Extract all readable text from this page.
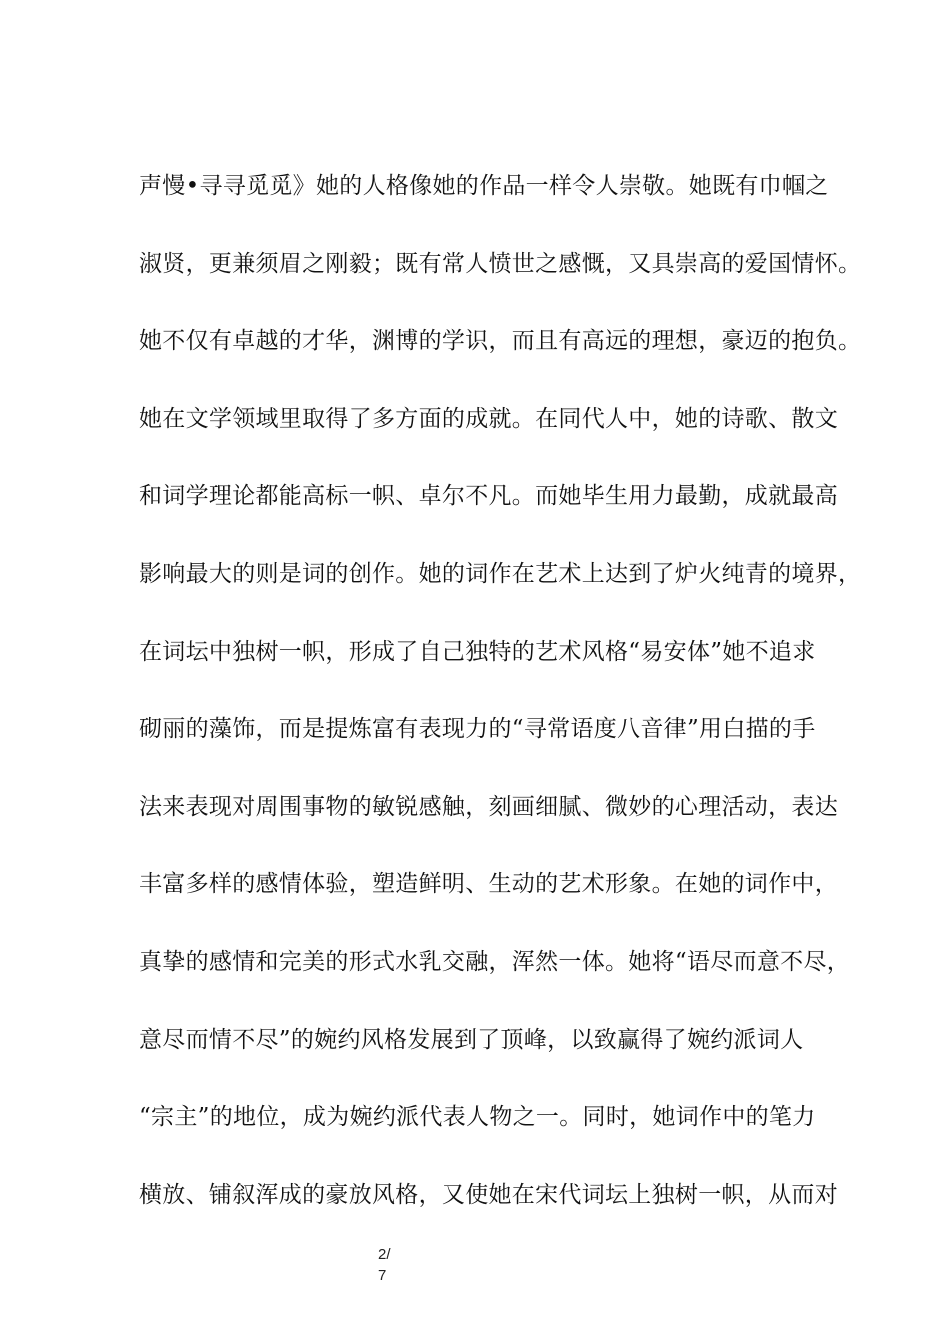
声慢•寻寻觅觅》她的人格像她的作品一样令人崇敬。她既有巾帼之
淑贤，更兼须眉之刚毅；既有常人愤世之感慨，又具崇高的爱国情怀。
她不仅有卓越的才华，渊博的学识，而且有高远的理想，豪迈的抱负。
她在文学领域里取得了多方面的成就。在同代人中，她的诗歌、散文
和词学理论都能高标一帜、卓尔不凡。而她毕生用力最勤，成就最高
影响最大的则是词的创作。她的词作在艺术上达到了炉火纯青的境界，
在词坛中独树一帜，形成了自己独特的艺术风格“易安体”她不追求
砌丽的藻饰，而是提炼富有表现力的“寻常语度八音律”用白描的手
法来表现对周围事物的敏锐感触，刻画细腻、微妙的心理活动，表达
丰富多样的感情体验，塑造鲜明、生动的艺术形象。在她的词作中，
真挚的感情和完美的形式水乳交融，浑然一体。她将“语尽而意不尽，
意尽而情不尽”的婉约风格发展到了顶峰，以致赢得了婉约派词人
“宗主”的地位，成为婉约派代表人物之一。同时，她词作中的笔力
横放、铺叙浑成的豪放风格，又使她在宋代词坛上独树一帜，从而对
2/
7
